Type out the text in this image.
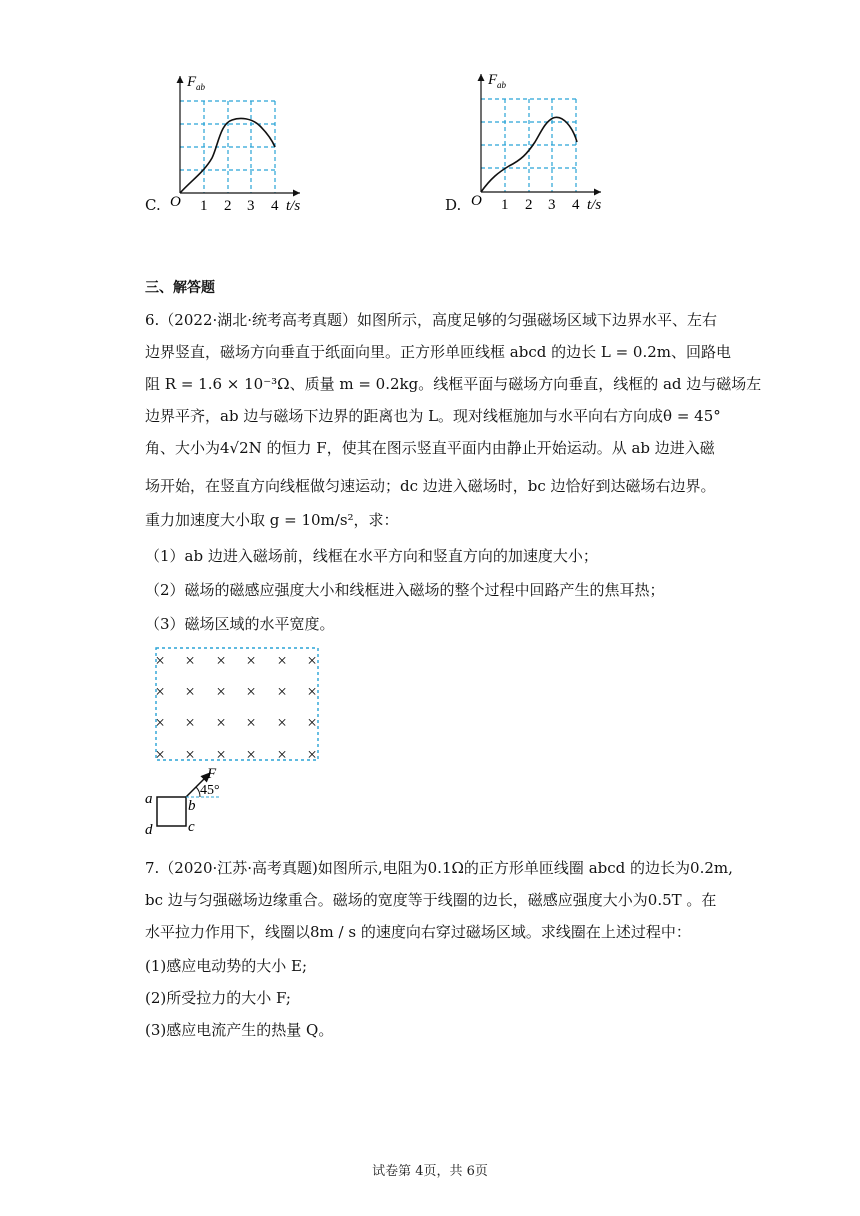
F ab
O 1 2 3 4 t/s
C.
F ab
O 1 2 3 4 t/s
D.
三、解答题
6.（2022·湖北·统考高考真题）如图所示，高度足够的匀强磁场区域下边界水平、左右
边界竖直，磁场方向垂直于纸面向里。正方形单匝线框 abcd 的边长 L = 0.2m、回路电
阻 R = 1.6 × 10⁻³Ω、质量 m = 0.2kg。线框平面与磁场方向垂直，线框的 ad 边与磁场左
边界平齐，ab 边与磁场下边界的距离也为 L。现对线框施加与水平向右方向成θ = 45°
角、大小为4√2N 的恒力 F，使其在图示竖直平面内由静止开始运动。从 ab 边进入磁
场开始，在竖直方向线框做匀速运动；dc 边进入磁场时，bc 边恰好到达磁场右边界。
重力加速度大小取 g = 10m/s²，求：
（1）ab 边进入磁场前，线框在水平方向和竖直方向的加速度大小；
（2）磁场的磁感应强度大小和线框进入磁场的整个过程中回路产生的焦耳热；
（3）磁场区域的水平宽度。
× × × × × ×
× × × × × ×
× × × × × ×
× × × × × ×
F
45°
a b
c
d
7.（2020·江苏·高考真题)如图所示,电阻为0.1Ω的正方形单匝线圈 abcd 的边长为0.2m,
bc 边与匀强磁场边缘重合。磁场的宽度等于线圈的边长，磁感应强度大小为0.5T 。在
水平拉力作用下，线圈以8m / s 的速度向右穿过磁场区域。求线圈在上述过程中：
(1)感应电动势的大小 E;
(2)所受拉力的大小 F;
(3)感应电流产生的热量 Q。
试卷第 4页，共 6页
